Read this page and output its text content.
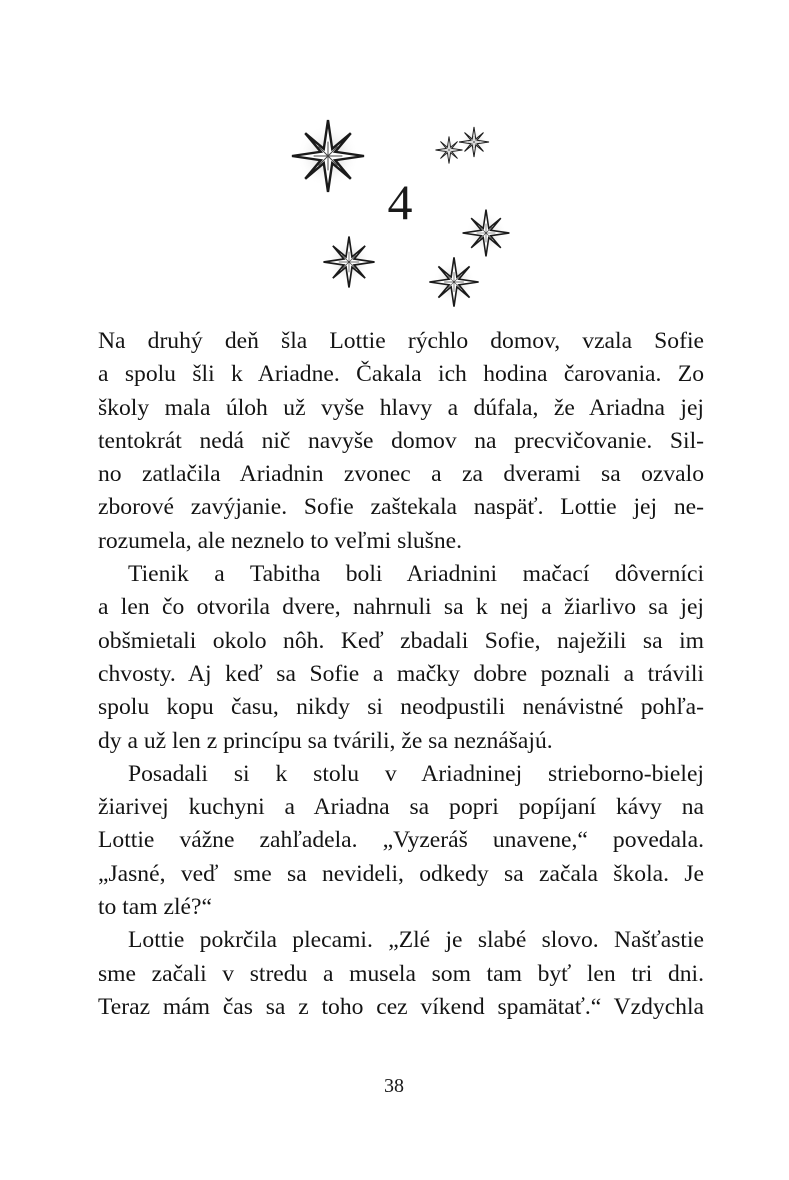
4
Na druhý deň šla Lottie rýchlo domov, vzala Sofie
a spolu šli k Ariadne. Čakala ich hodina čarovania. Zo
školy mala úloh už vyše hlavy a dúfala, že Ariadna jej
tentokrát nedá nič navyše domov na precvičovanie. Sil-
no zatlačila Ariadnin zvonec a za dverami sa ozvalo
zborové zavýjanie. Sofie zaštekala naspäť. Lottie jej ne-
rozumela, ale neznelo to veľmi slušne.
Tienik a Tabitha boli Ariadnini mačací dôverníci
a len čo otvorila dvere, nahrnuli sa k nej a žiarlivo sa jej
obšmietali okolo nôh. Keď zbadali Sofie, naježili sa im
chvosty. Aj keď sa Sofie a mačky dobre poznali a trávili
spolu kopu času, nikdy si neodpustili nenávistné pohľa-
dy a už len z princípu sa tvárili, že sa neznášajú.
Posadali si k stolu v Ariadninej strieborno-bielej
žiarivej kuchyni a Ariadna sa popri popíjaní kávy na
Lottie vážne zahľadela. „Vyzeráš unavene,“ povedala.
„Jasné, veď sme sa nevideli, odkedy sa začala škola. Je
to tam zlé?“
Lottie pokrčila plecami. „Zlé je slabé slovo. Našťastie
sme začali v stredu a musela som tam byť len tri dni.
Teraz mám čas sa z toho cez víkend spamätať.“ Vzdychla
38
